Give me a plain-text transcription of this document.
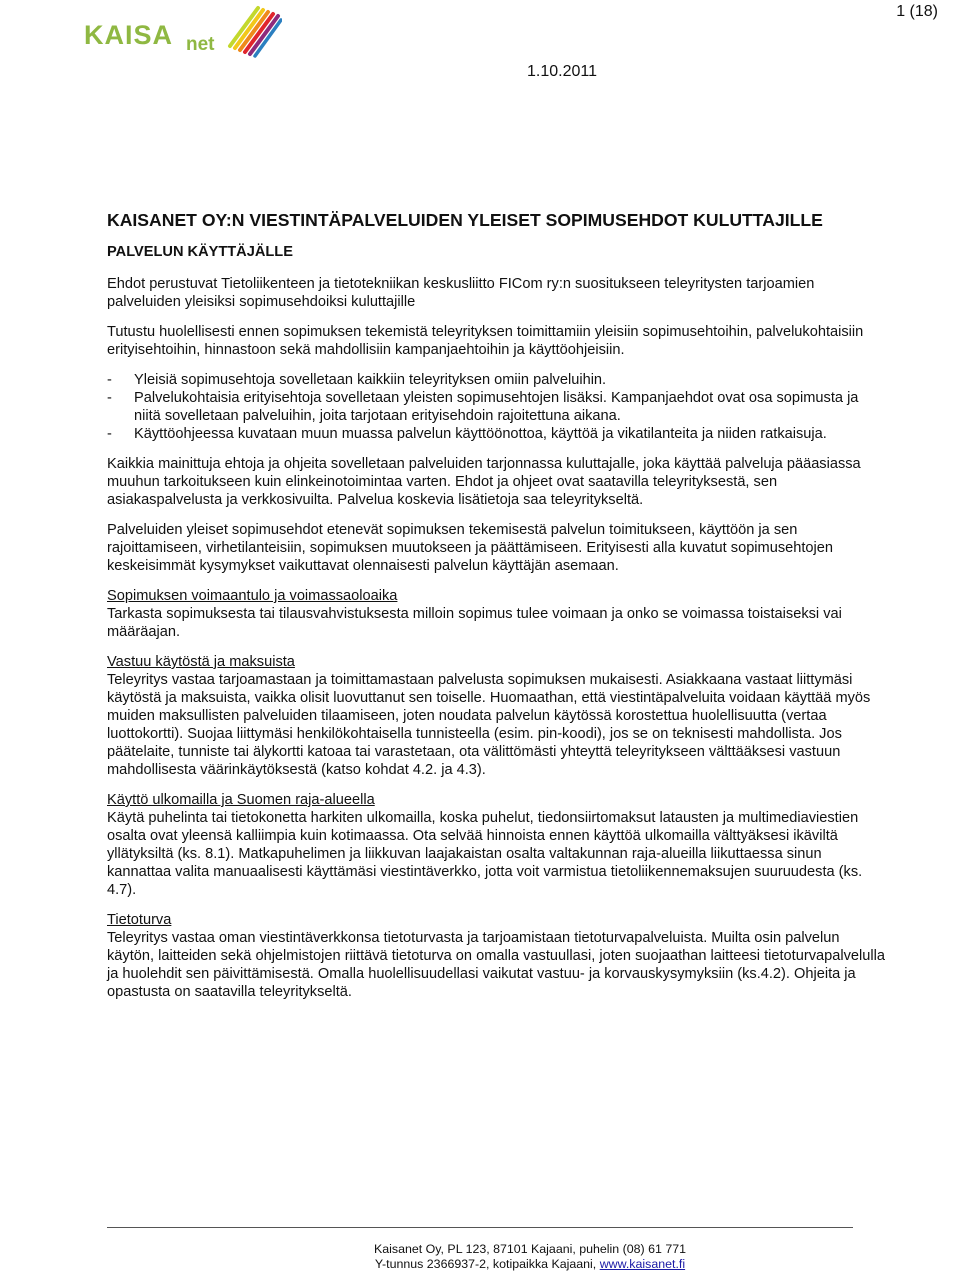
KAISA net
1 (18)
1.10.2011
KAISANET OY:N VIESTINTÄPALVELUIDEN YLEISET SOPIMUSEHDOT KULUTTAJILLE
PALVELUN KÄYTTÄJÄLLE

Ehdot perustuvat Tietoliikenteen ja tietotekniikan keskusliitto FICom ry:n suositukseen teleyritysten tarjoamien palveluiden yleisiksi sopimusehdoiksi kuluttajille

Tutustu huolellisesti ennen sopimuksen tekemistä teleyrityksen toimittamiin yleisiin sopimusehtoihin, palvelukohtaisiin erityisehtoihin, hinnastoon sekä mahdollisiin kampanjaehtoihin ja käyttöohjeisiin.

- Yleisiä sopimusehtoja sovelletaan kaikkiin teleyrityksen omiin palveluihin.
- Palvelukohtaisia erityisehtoja sovelletaan yleisten sopimusehtojen lisäksi. Kampanjaehdot ovat osa sopimusta ja niitä sovelletaan palveluihin, joita tarjotaan erityisehdoin rajoitettuna aikana.
- Käyttöohjeessa kuvataan muun muassa palvelun käyttöönottoa, käyttöä ja vikatilanteita ja niiden ratkaisuja.

Kaikkia mainittuja ehtoja ja ohjeita sovelletaan palveluiden tarjonnassa kuluttajalle, joka käyttää palveluja pääasiassa muuhun tarkoitukseen kuin elinkeinotoimintaa varten. Ehdot ja ohjeet ovat saatavilla teleyrityksestä, sen asiakaspalvelusta ja verkkosivuilta. Palvelua koskevia lisätietoja saa teleyritykseltä.

Palveluiden yleiset sopimusehdot etenevät sopimuksen tekemisestä palvelun toimitukseen, käyttöön ja sen rajoittamiseen, virhetilanteisiin, sopimuksen muutokseen ja päättämiseen. Erityisesti alla kuvatut sopimusehtojen keskeisimmät kysymykset vaikuttavat olennaisesti palvelun käyttäjän asemaan.

Sopimuksen voimaantulo ja voimassaoloaika
Tarkasta sopimuksesta tai tilausvahvistuksesta milloin sopimus tulee voimaan ja onko se voimassa toistaiseksi vai määräajan.
Vastuu käytöstä ja maksuista
Teleyritys vastaa tarjoamastaan ja toimittamastaan palvelusta sopimuksen mukaisesti. Asiakkaana vastaat liittymäsi käytöstä ja maksuista, vaikka olisit luovuttanut sen toiselle. Huomaathan, että viestintäpalveluita voidaan käyttää myös muiden maksullisten palveluiden tilaamiseen, joten noudata palvelun käytössä korostettua huolellisuutta (vertaa luottokortti). Suojaa liittymäsi henkilökohtaisella tunnisteella (esim. pin-koodi), jos se on teknisesti mahdollista. Jos päätelaite, tunniste tai älykortti katoaa tai varastetaan, ota välittömästi yhteyttä teleyritykseen välttääksesi vastuun mahdollisesta väärinkäytöksestä (katso kohdat 4.2. ja 4.3).
Käyttö ulkomailla ja Suomen raja-alueella
Käytä puhelinta tai tietokonetta harkiten ulkomailla, koska puhelut, tiedonsiirtomaksut latausten ja multimediaviestien osalta ovat yleensä kalliimpia kuin kotimaassa. Ota selvää hinnoista ennen käyttöä ulkomailla välttyäksesi ikäviltä yllätyksiltä (ks. 8.1). Matkapuhelimen ja liikkuvan laajakaistan osalta valtakunnan raja-alueilla liikuttaessa sinun kannattaa valita manuaalisesti käyttämäsi viestintäverkko, jotta voit varmistua tietoliikennemaksujen suuruudesta (ks. 4.7).
Tietoturva
Teleyritys vastaa oman viestintäverkkonsa tietoturvasta ja tarjoamistaan tietoturvapalveluista. Muilta osin palvelun käytön, laitteiden sekä ohjelmistojen riittävä tietoturva on omalla vastuullasi, joten suojaathan laitteesi tietoturvapalvelulla ja huolehdit sen päivittämisestä. Omalla huolellisuudellasi vaikutat vastuu- ja korvauskysymyksiin (ks.4.2). Ohjeita ja opastusta on saatavilla teleyritykseltä.
Kaisanet Oy, PL 123, 87101 Kajaani, puhelin (08) 61 771
Y-tunnus 2366937-2, kotipaikka Kajaani, www.kaisanet.fi
